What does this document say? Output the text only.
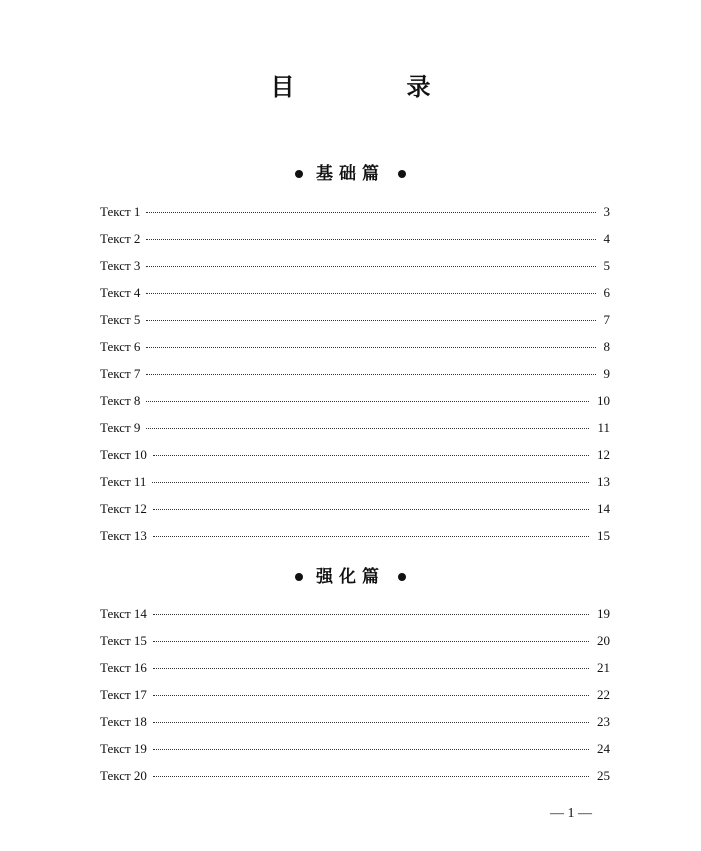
目　录
基础篇
Текст 1	3
Текст 2	4
Текст 3	5
Текст 4	6
Текст 5	7
Текст 6	8
Текст 7	9
Текст 8	10
Текст 9	11
Текст 10	12
Текст 11	13
Текст 12	14
Текст 13	15
强化篇
Текст 14	19
Текст 15	20
Текст 16	21
Текст 17	22
Текст 18	23
Текст 19	24
Текст 20	25
— 1 —
